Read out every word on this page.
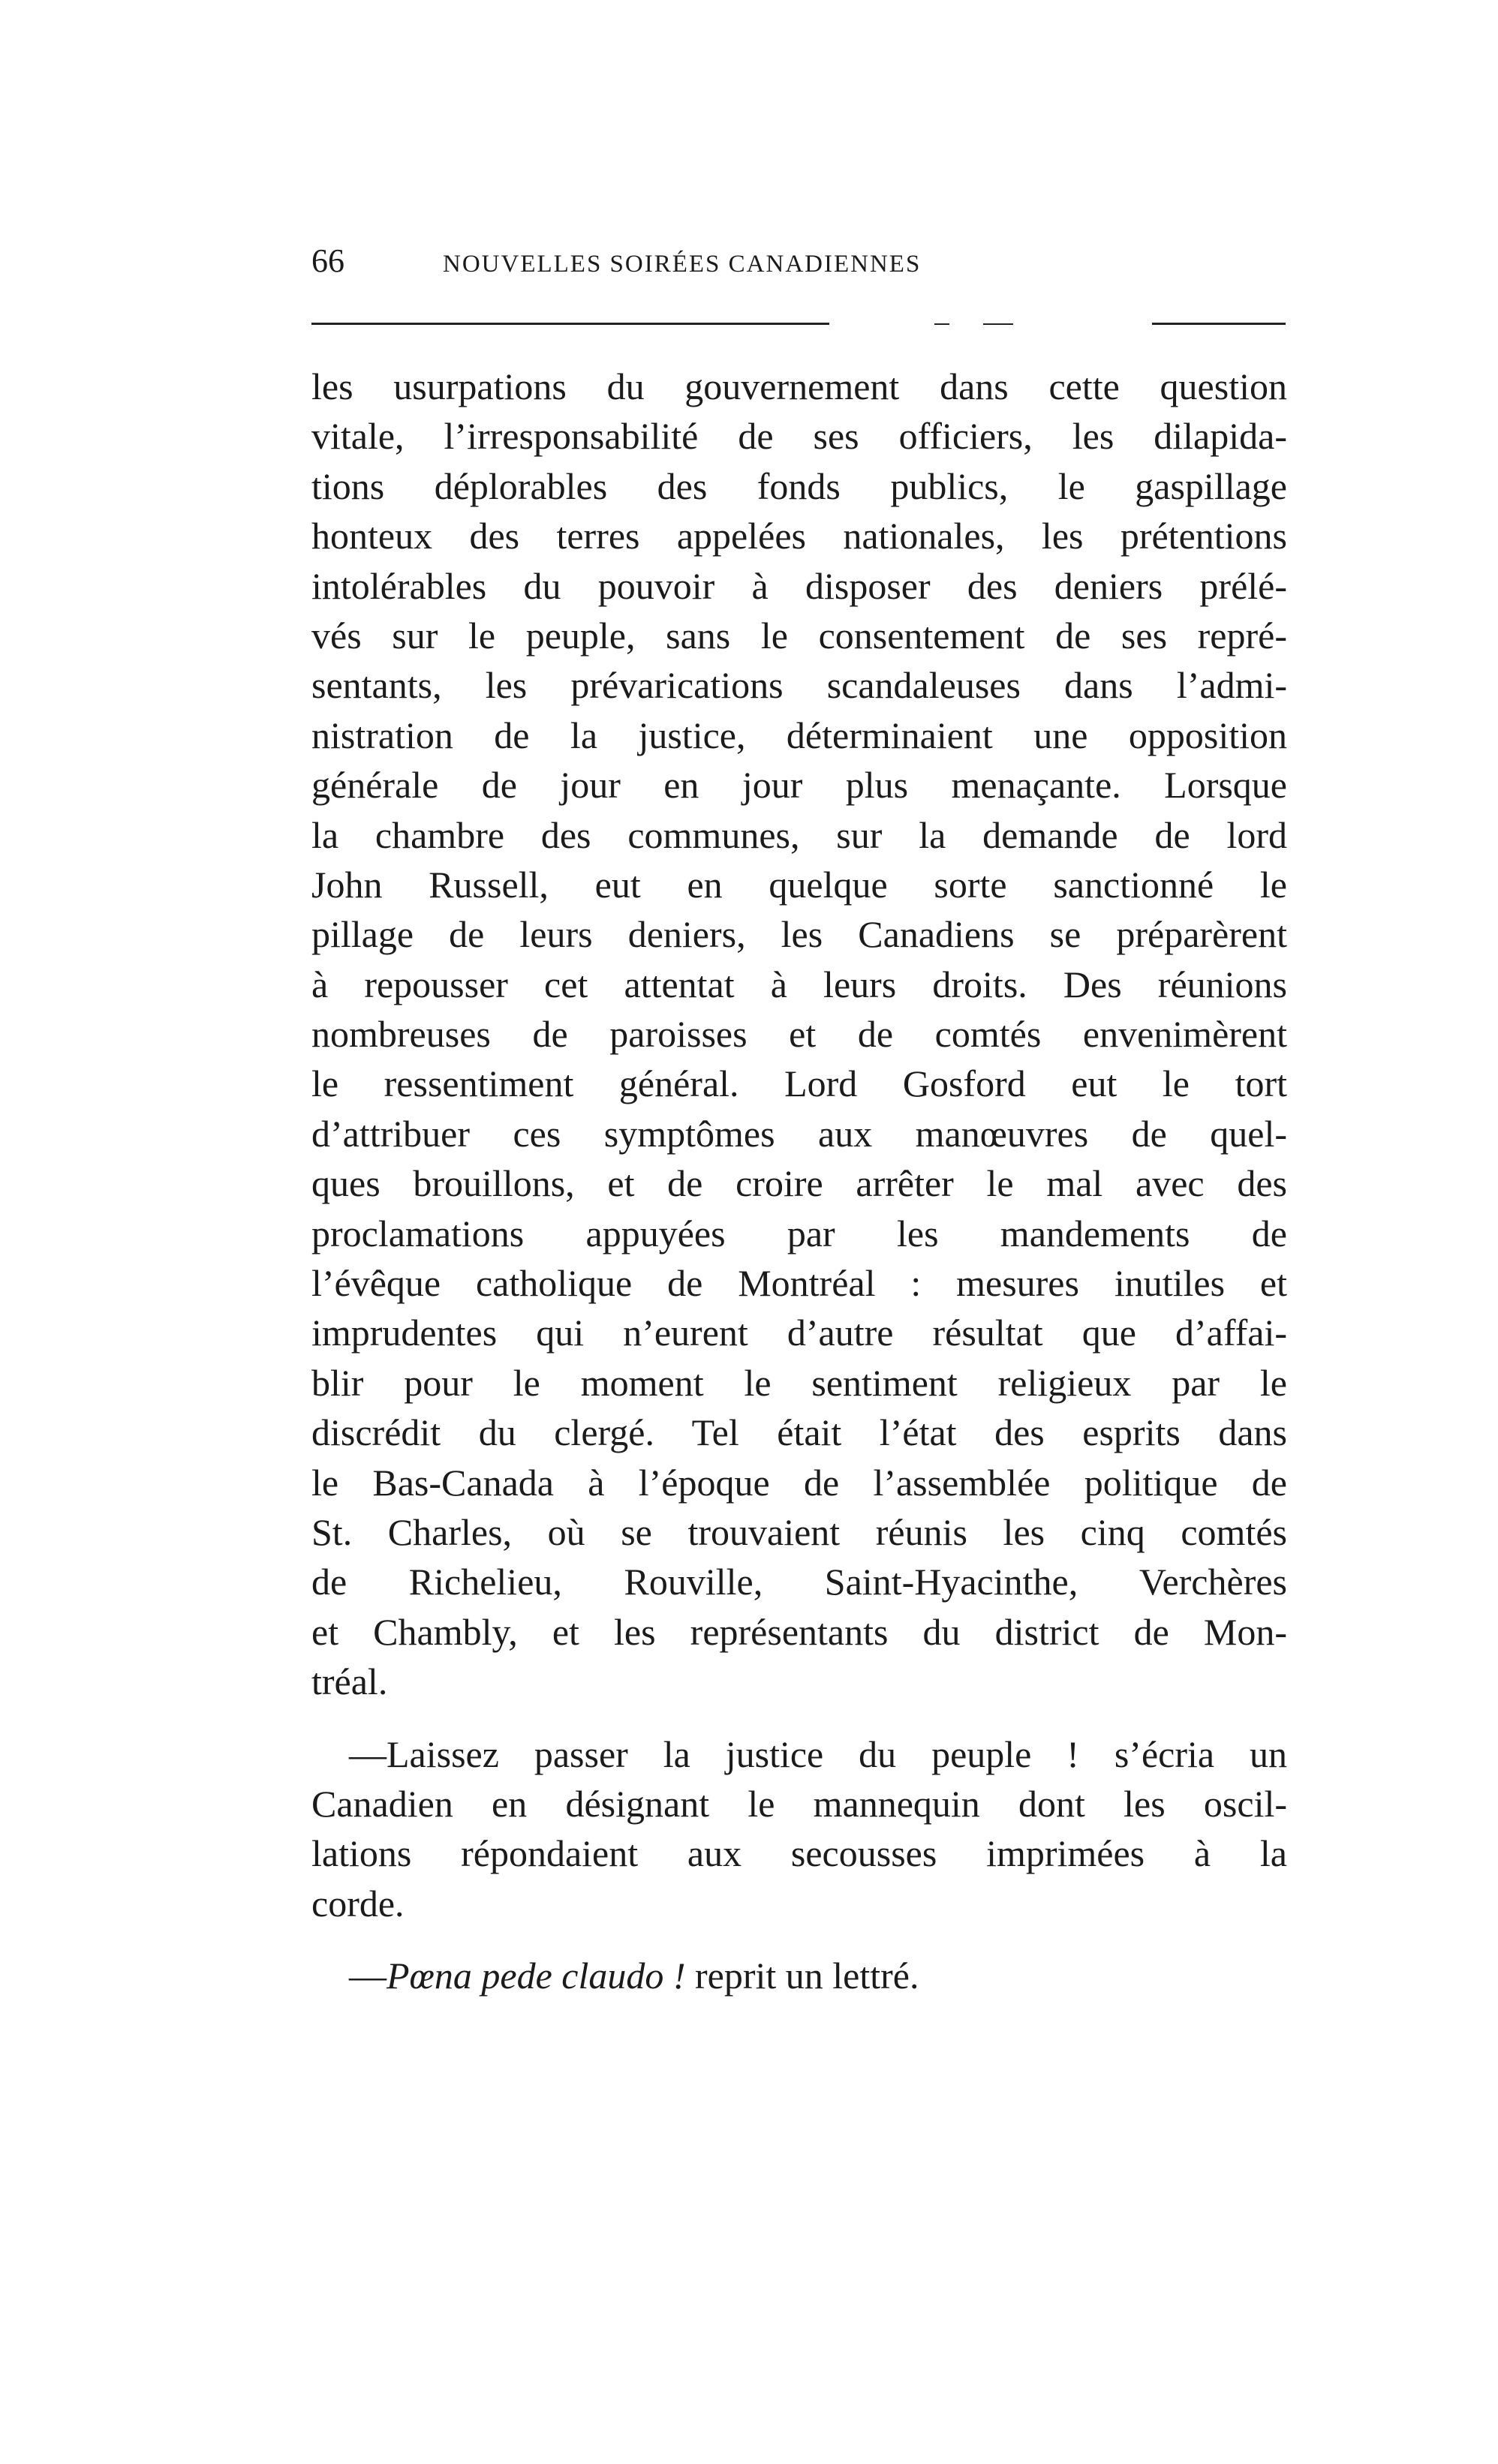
66	NOUVELLES SOIRÉES CANADIENNES
les usurpations du gouvernement dans cette question
vitale, l’irresponsabilité de ses officiers, les dilapida-
tions déplorables des fonds publics, le gaspillage
honteux des terres appelées nationales, les prétentions
intolérables du pouvoir à disposer des deniers prélé-
vés sur le peuple, sans le consentement de ses repré-
sentants, les prévarications scandaleuses dans l’admi-
nistration de la justice, déterminaient une opposition
générale de jour en jour plus menaçante. Lorsque
la chambre des communes, sur la demande de lord
John Russell, eut en quelque sorte sanctionné le
pillage de leurs deniers, les Canadiens se préparèrent
à repousser cet attentat à leurs droits. Des réunions
nombreuses de paroisses et de comtés envenimèrent
le ressentiment général. Lord Gosford eut le tort
d’attribuer ces symptômes aux manœuvres de quel-
ques brouillons, et de croire arrêter le mal avec des
proclamations appuyées par les mandements de
l’évêque catholique de Montréal : mesures inutiles et
imprudentes qui n’eurent d’autre résultat que d’affai-
blir pour le moment le sentiment religieux par le
discrédit du clergé. Tel était l’état des esprits dans
le Bas-Canada à l’époque de l’assemblée politique de
St. Charles, où se trouvaient réunis les cinq comtés
de Richelieu, Rouville, Saint-Hyacinthe, Verchères
et Chambly, et les représentants du district de Mon-
tréal.
—Laissez passer la justice du peuple ! s’écria un
Canadien en désignant le mannequin dont les oscil-
lations répondaient aux secousses imprimées à la
corde.
—Pœna pede claudo ! reprit un lettré.
